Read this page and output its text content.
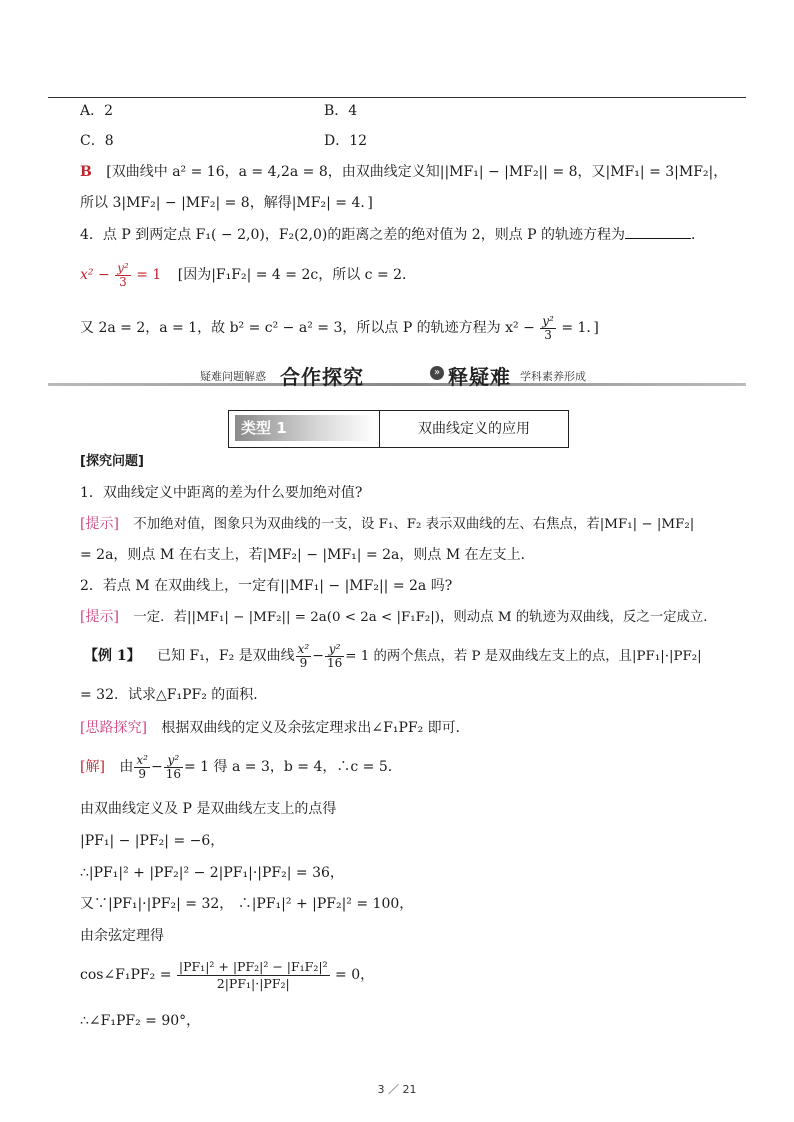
A．2	B．4
C．8	D．12
B [双曲线中 a² = 16，a = 4,2a = 8，由双曲线定义知||MF₁| − |MF₂|| = 8，又|MF₁| = 3|MF₂|，
所以 3|MF₂| − |MF₂| = 8，解得|MF₂| = 4．]
4．点 P 到两定点 F₁( − 2,0)，F₂(2,0)的距离之差的绝对值为 2，则点 P 的轨迹方程为	．
$x^2 - \frac{\text{y²}}{3} = 1$ [因为|F₁F₂| = 4 = 2c，所以 c = 2．
又 2a = 2，a = 1，故 b² = c² − a² = 3，所以点 P 的轨迹方程为 $x^2 - \frac{\text{y²}}{3} = 1$．]
疑难问题解惑 合作探究	» 释疑难 学科素养形成
类型 1	双曲线定义的应用
[探究问题]
1．双曲线定义中距离的差为什么要加绝对值?
[提示] 不加绝对值，图象只为双曲线的一支，设 F₁、F₂ 表示双曲线的左、右焦点，若|MF₁| − |MF₂|
= 2a，则点 M 在右支上，若|MF₂| − |MF₁| = 2a，则点 M 在左支上．
2．若点 M 在双曲线上，一定有||MF₁| − |MF₂|| = 2a 吗?
[提示] 一定．若||MF₁| − |MF₂|| = 2a(0 < 2a < |F₁F₂|)，则动点 M 的轨迹为双曲线，反之一定成立．
【例 1】 已知 F₁，F₂ 是双曲线 $\frac{\text{x²}}{9} - \frac{\text{y²}}{16} = 1$ 的两个焦点，若 P 是双曲线左支上的点，且|PF₁|·|PF₂|
= 32．试求△F₁PF₂ 的面积．
[思路探究] 根据双曲线的定义及余弦定理求出∠F₁PF₂ 即可．
[解] 由 $\frac{\text{x²}}{9} - \frac{\text{y²}}{16} = 1$ 得 a = 3，b = 4，∴c = 5．
由双曲线定义及 P 是双曲线左支上的点得
|PF₁| − |PF₂| = −6，
∴|PF₁|² + |PF₂|² − 2|PF₁|·|PF₂| = 36，
又∵|PF₁|·|PF₂| = 32， ∴|PF₁|² + |PF₂|² = 100，
由余弦定理得
cos∠F₁PF₂ = $\frac{\text{|PF₁|² + |PF₂|² − |F₁F₂|²}}{\text{2|PF₁|·|PF₂|}} = 0$，
∴∠F₁PF₂ = 90°，
3 ／ 21
